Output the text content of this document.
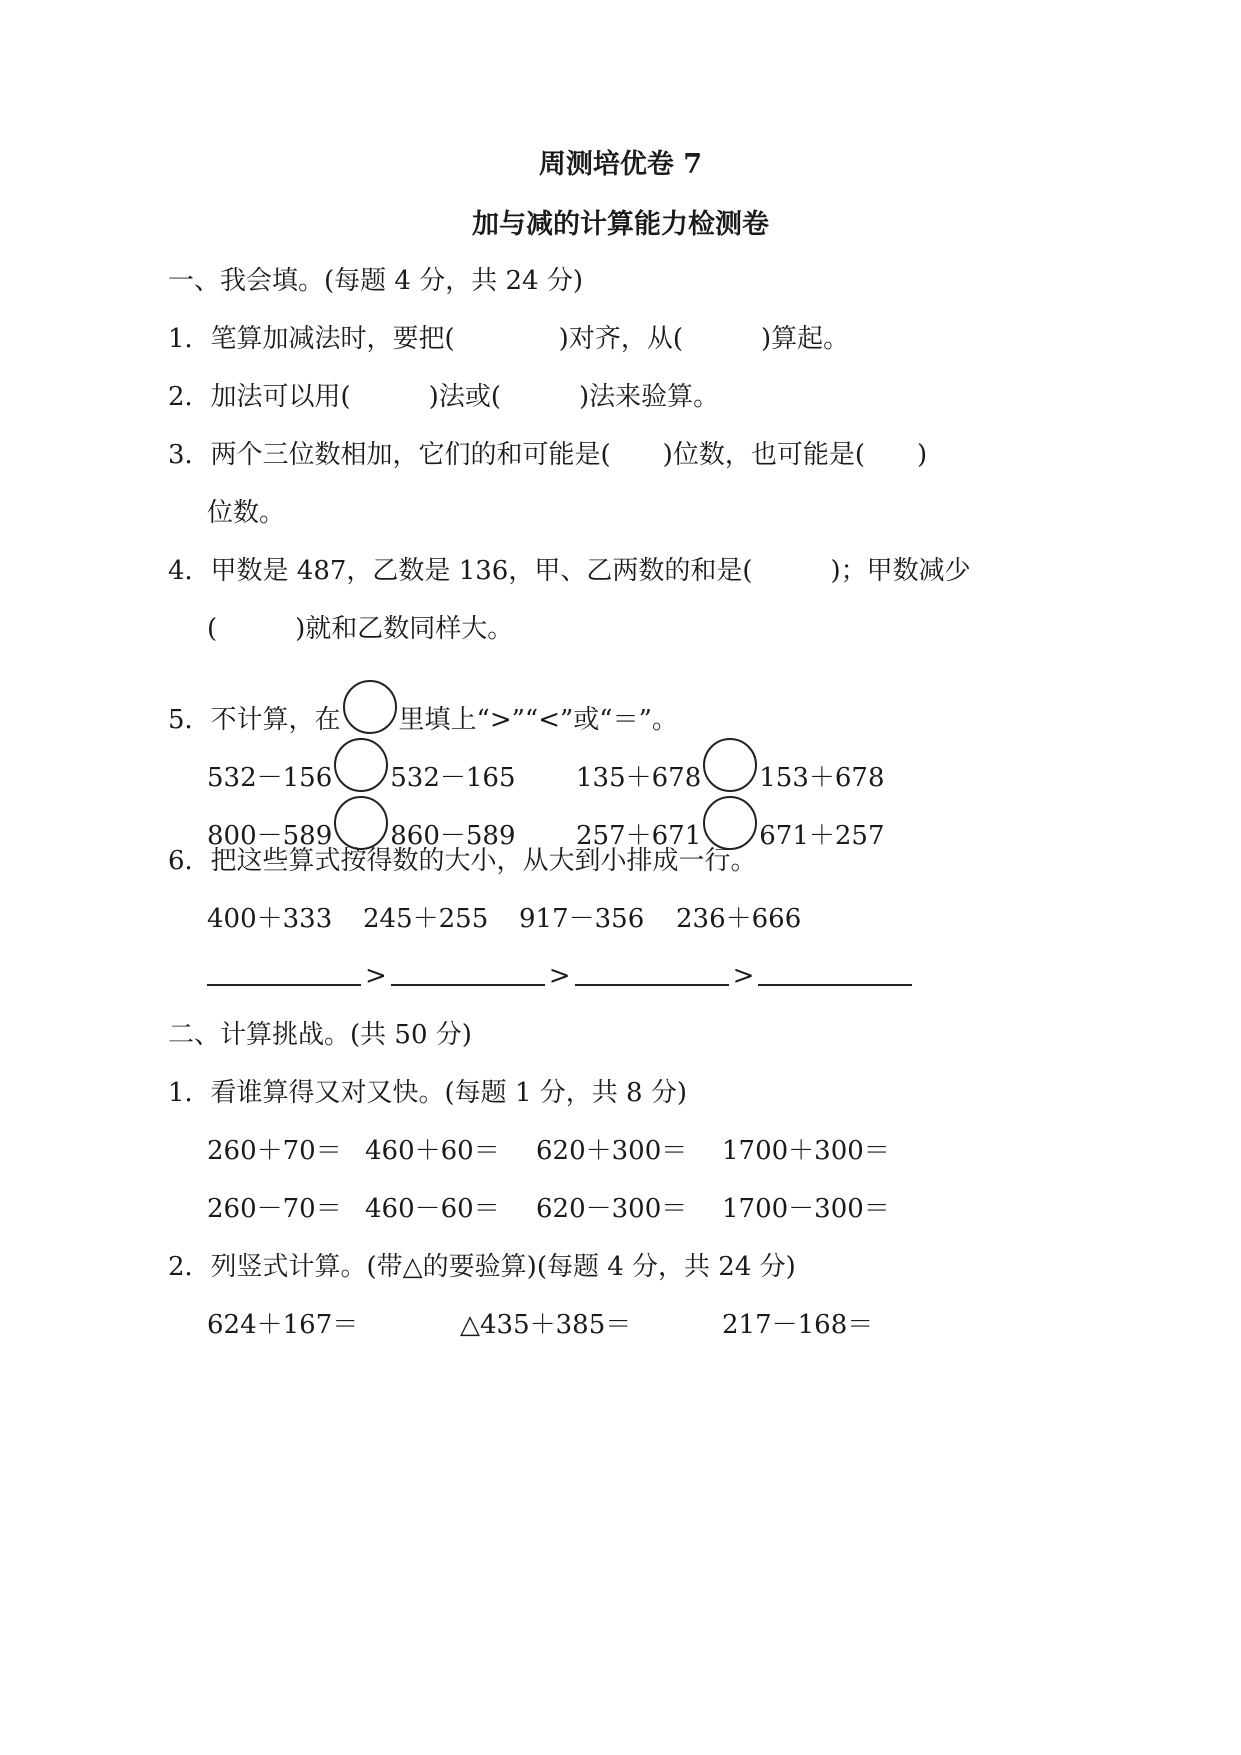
周测培优卷 7
加与减的计算能力检测卷
一、我会填。(每题 4 分，共 24 分)
1．笔算加减法时，要把(　　　　)对齐，从(　　　)算起。
2．加法可以用(　　　)法或(　　　)法来验算。
3．两个三位数相加，它们的和可能是(　　)位数，也可能是(　　)
位数。
4．甲数是 487，乙数是 136，甲、乙两数的和是(　　　)；甲数减少
(　　　)就和乙数同样大。
5．不计算，在 里填上“>”“<”或“＝”。
532－156 532－165 135＋678 153＋678
800－589 860－589 257＋671 671＋257
6．把这些算式按得数的大小，从大到小排成一行。
400＋333 245＋255 917－356 236＋666
>	>	>
二、计算挑战。(共 50 分)
1．看谁算得又对又快。(每题 1 分，共 8 分)
260＋70＝ 460＋60＝ 620＋300＝ 1700＋300＝
260－70＝ 460－60＝ 620－300＝ 1700－300＝
2．列竖式计算。(带△的要验算)(每题 4 分，共 24 分)
624＋167＝	△435＋385＝	217－168＝
